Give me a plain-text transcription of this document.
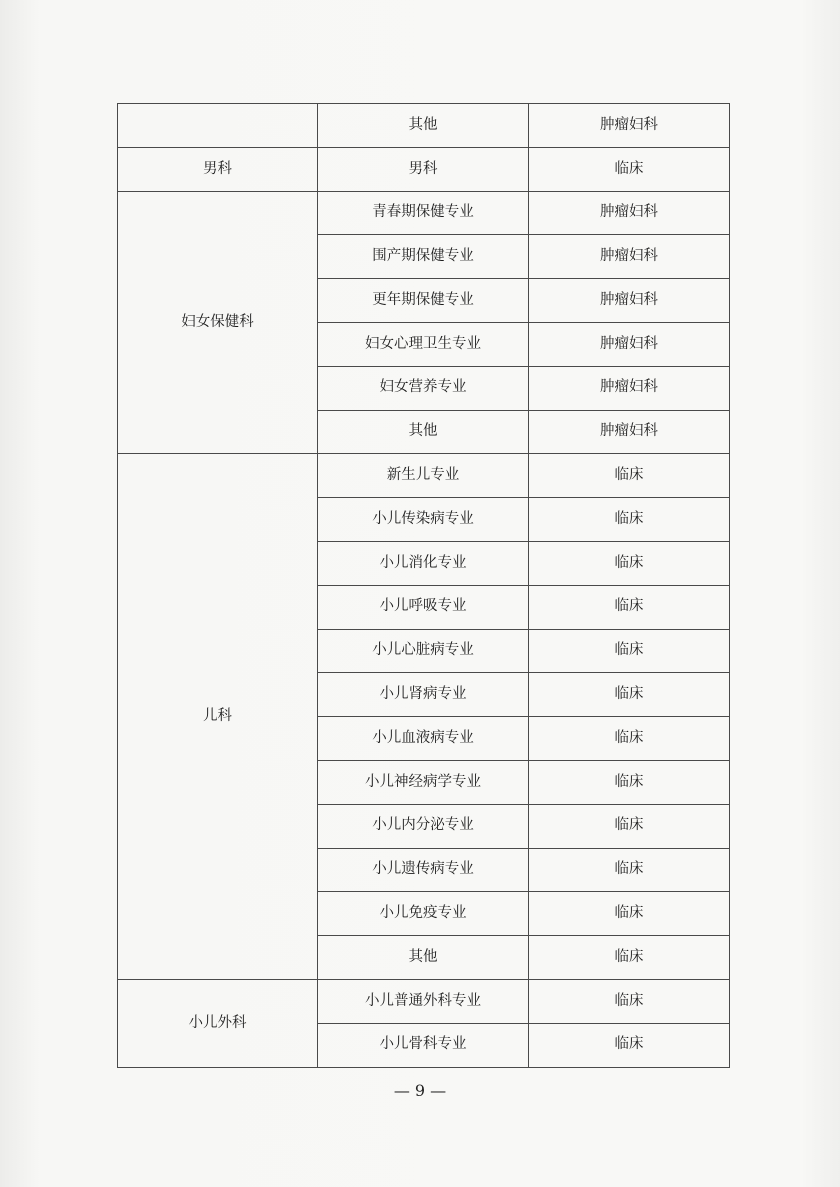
	其他	肿瘤妇科
男科	男科	临床
妇女保健科	青春期保健专业	肿瘤妇科
	围产期保健专业	肿瘤妇科
	更年期保健专业	肿瘤妇科
	妇女心理卫生专业	肿瘤妇科
	妇女营养专业	肿瘤妇科
	其他	肿瘤妇科
儿科	新生儿专业	临床
	小儿传染病专业	临床
	小儿消化专业	临床
	小儿呼吸专业	临床
	小儿心脏病专业	临床
	小儿肾病专业	临床
	小儿血液病专业	临床
	小儿神经病学专业	临床
	小儿内分泌专业	临床
	小儿遗传病专业	临床
	小儿免疫专业	临床
	其他	临床
小儿外科	小儿普通外科专业	临床
	小儿骨科专业	临床
— 9 —
